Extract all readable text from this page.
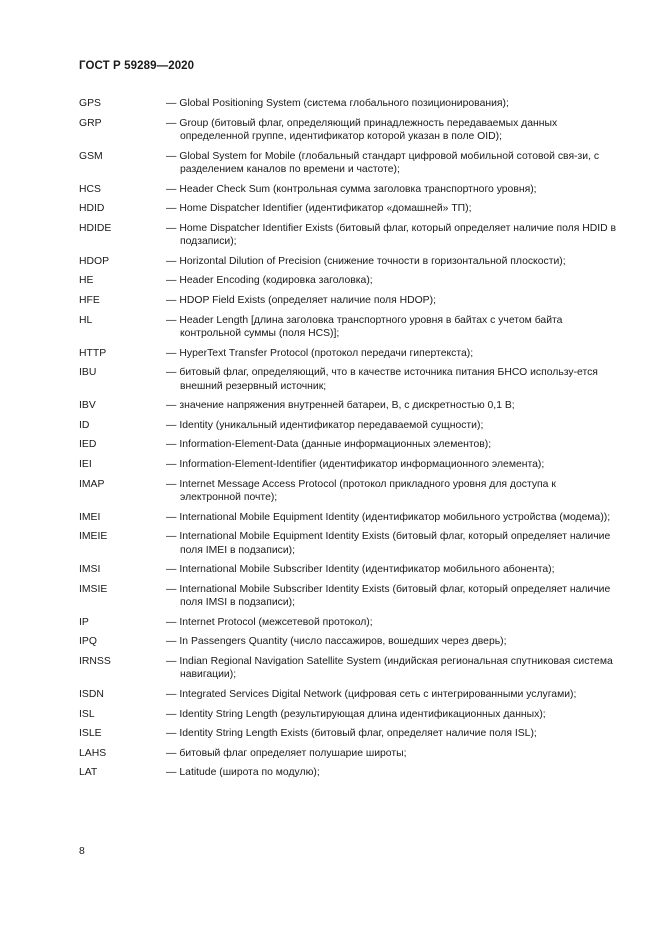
ГОСТ Р 59289—2020
GPS	— Global Positioning System (система глобального позиционирования);
GRP	— Group (битовый флаг, определяющий принадлежность передаваемых данных определенной группе, идентификатор которой указан в поле OID);
GSM	— Global System for Mobile (глобальный стандарт цифровой мобильной сотовой свя-зи, с разделением каналов по времени и частоте);
HCS	— Header Check Sum (контрольная сумма заголовка транспортного уровня);
HDID	— Home Dispatcher Identifier (идентификатор «домашней» ТП);
HDIDE	— Home Dispatcher Identifier Exists (битовый флаг, который определяет наличие поля HDID в подзаписи);
HDOP	— Horizontal Dilution of Precision (снижение точности в горизонтальной плоскости);
HE	— Header Encoding (кодировка заголовка);
HFE	— HDOP Field Exists (определяет наличие поля HDOP);
HL	— Header Length [длина заголовка транспортного уровня в байтах с учетом байта контрольной суммы (поля HCS)];
HTTP	— HyperText Transfer Protocol (протокол передачи гипертекста);
IBU	— битовый флаг, определяющий, что в качестве источника питания БНСО использу-ется внешний резервный источник;
IBV	— значение напряжения внутренней батареи, В, с дискретностью 0,1 В;
ID	— Identity (уникальный идентификатор передаваемой сущности);
IED	— Information-Element-Data (данные информационных элементов);
IEI	— Information-Element-Identifier (идентификатор информационного элемента);
IMAP	— Internet Message Access Protocol (протокол прикладного уровня для доступа к электронной почте);
IMEI	— International Mobile Equipment Identity (идентификатор мобильного устройства (модема));
IMEIE	— International Mobile Equipment Identity Exists (битовый флаг, который определяет наличие поля IMEI в подзаписи);
IMSI	— International Mobile Subscriber Identity (идентификатор мобильного абонента);
IMSIE	— International Mobile Subscriber Identity Exists (битовый флаг, который определяет наличие поля IMSI в подзаписи);
IP	— Internet Protocol (межсетевой протокол);
IPQ	— In Passengers Quantity (число пассажиров, вошедших через дверь);
IRNSS	— Indian Regional Navigation Satellite System (индийская региональная спутниковая система навигации);
ISDN	— Integrated Services Digital Network (цифровая сеть с интегрированными услугами);
ISL	— Identity String Length (результирующая длина идентификационных данных);
ISLE	— Identity String Length Exists (битовый флаг, определяет наличие поля ISL);
LAHS	— битовый флаг определяет полушарие широты;
LAT	— Latitude (широта по модулю);
8
